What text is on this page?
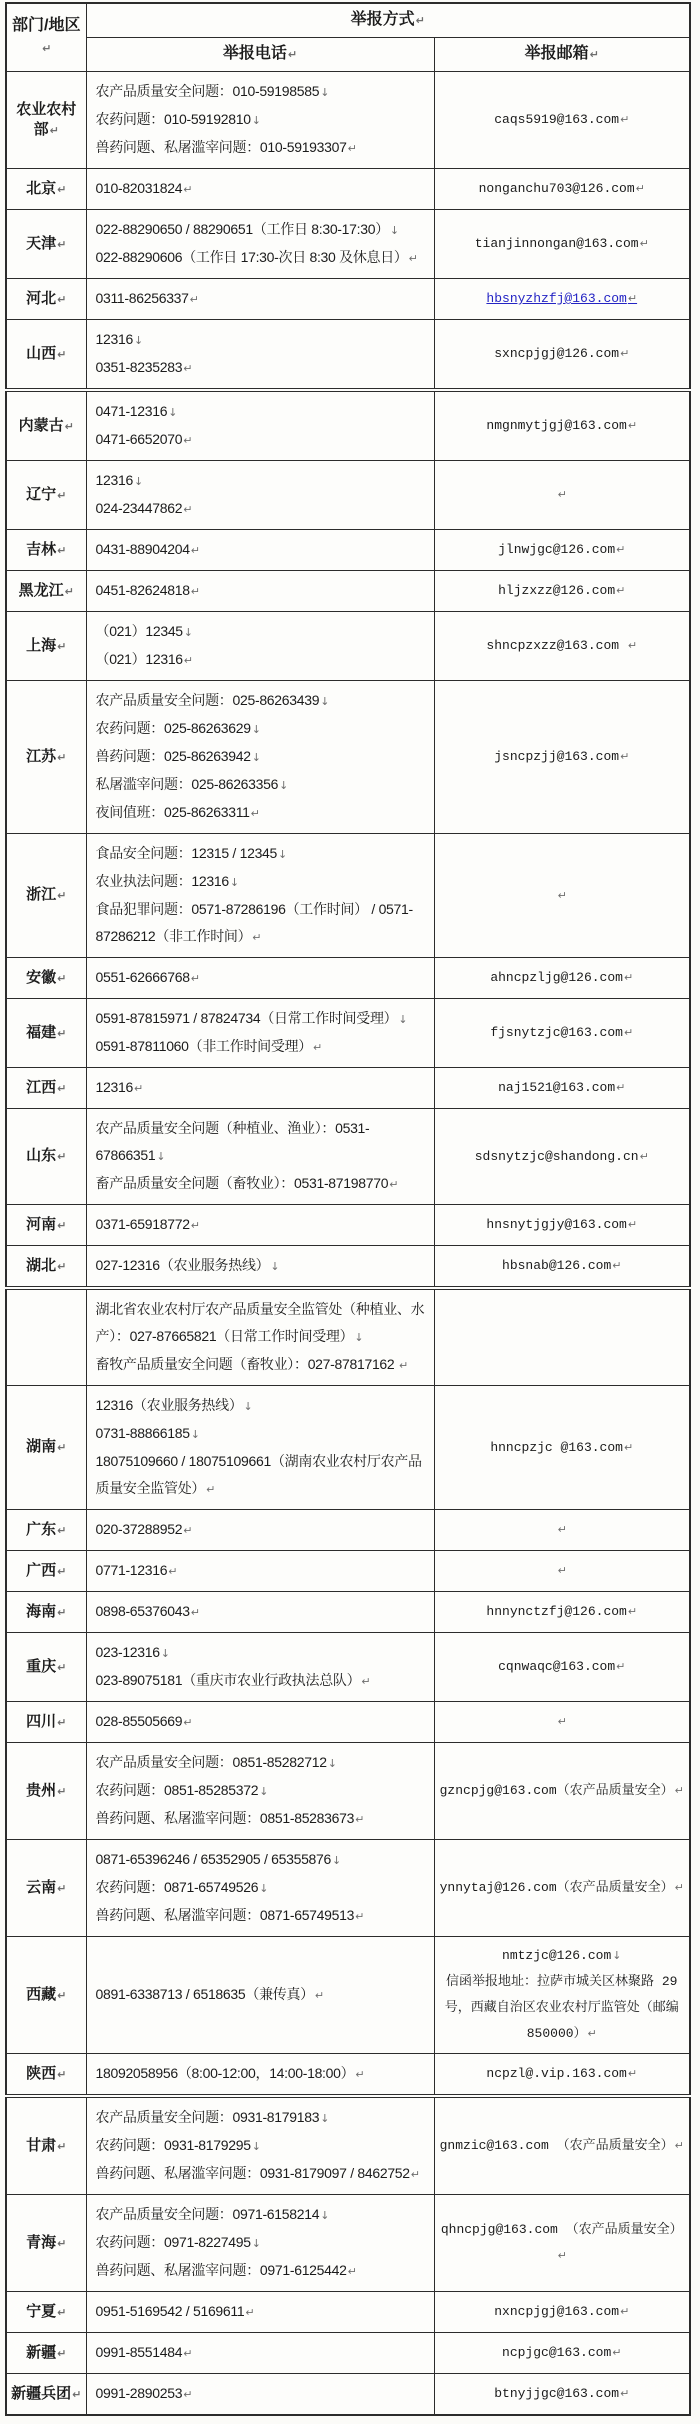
部门/地区↵	举报方式↵	
	举报电话↵	举报邮箱↵
农业农村部↵	农产品质量安全问题：010-59198585↓
农药问题：010-59192810↓
兽药问题、私屠滥宰问题：010-59193307↵	caqs5919@163.com↵

北京↵	010-82031824↵	nonganchu703@126.com↵

天津↵	022-88290650 / 88290651（工作日 8:30-17:30）↓
022-88290606（工作日 17:30-次日 8:30 及休息日）↵	tianjinnongan@163.com↵

河北↵	0311-86256337↵	hbsnyzhzfj@163.com↵

山西↵	12316↓
0351-8235283↵	sxncpjgj@126.com↵

内蒙古↵	0471-12316↓
0471-6652070↵	nmgnmytjgj@163.com↵

辽宁↵	12316↓
024-23447862↵	↵

吉林↵	0431-88904204↵	jlnwjgc@126.com↵

黑龙江↵	0451-82624818↵	hljzxzz@126.com↵

上海↵	（021）12345↓
（021）12316↵	shncpzxzz@163.com ↵

江苏↵	农产品质量安全问题：025-86263439↓
农药问题：025-86263629↓
兽药问题：025-86263942↓
私屠滥宰问题：025-86263356↓
夜间值班：025-86263311↵	jsncpzjj@163.com↵

浙江↵	食品安全问题：12315 / 12345↓
农业执法问题：12316↓
食品犯罪问题：0571-87286196（工作时间） / 0571-87286212（非工作时间）↵	↵

安徽↵	0551-62666768↵	ahncpzljg@126.com↵

福建↵	0591-87815971 / 87824734（日常工作时间受理）↓
0591-87811060（非工作时间受理）↵	fjsnytzjc@163.com↵

江西↵	12316↵	naj1521@163.com↵

山东↵	农产品质量安全问题（种植业、渔业）：0531-67866351↓
畜产品质量安全问题（畜牧业）：0531-87198770↵	sdsnytzjc@shandong.cn↵

河南↵	0371-65918772↵	hnsnytjgjy@163.com↵

湖北↵	027-12316（农业服务热线）↓	hbsnab@126.com↵

	湖北省农业农村厅农产品质量安全监管处（种植业、水产）：027-87665821（日常工作时间受理）↓
畜牧产品质量安全问题（畜牧业）：027-87817162 ↵	

湖南↵	12316（农业服务热线）↓
0731-88866185↓
18075109660 / 18075109661（湖南农业农村厅农产品质量安全监管处）↵	hnncpzjc @163.com↵

广东↵	020-37288952↵	↵

广西↵	0771-12316↵	↵

海南↵	0898-65376043↵	hnnynctzfj@126.com↵

重庆↵	023-12316↓
023-89075181（重庆市农业行政执法总队）↵	cqnwaqc@163.com↵

四川↵	028-85505669↵	↵

贵州↵	农产品质量安全问题：0851-85282712↓
农药问题：0851-85285372↓
兽药问题、私屠滥宰问题：0851-85283673↵	gzncpjg@163.com（农产品质量安全）↵

云南↵	0871-65396246 / 65352905 / 65355876↓
农药问题：0871-65749526↓
兽药问题、私屠滥宰问题：0871-65749513↵	ynnytaj@126.com（农产品质量安全）↵

西藏↵	0891-6338713 / 6518635（兼传真）↵	nmtzjc@126.com↓
信函举报地址：拉萨市城关区林聚路 29 号，西藏自治区农业农村厅监管处（邮编 850000）↵

陕西↵	18092058956（8:00-12:00，14:00-18:00）↵	ncpzl@.vip.163.com↵

甘肃↵	农产品质量安全问题：0931-8179183↓
农药问题：0931-8179295↓
兽药问题、私屠滥宰问题：0931-8179097 / 8462752↵	gnmzic@163.com （农产品质量安全）↵

青海↵	农产品质量安全问题：0971-6158214↓
农药问题：0971-8227495↓
兽药问题、私屠滥宰问题：0971-6125442↵	qhncpjg@163.com （农产品质量安全）↵

宁夏↵	0951-5169542 / 5169611↵	nxncpjgj@163.com↵

新疆↵	0991-8551484↵	ncpjgc@163.com↵

新疆兵团↵	0991-2890253↵	btnyjjgc@163.com↵
